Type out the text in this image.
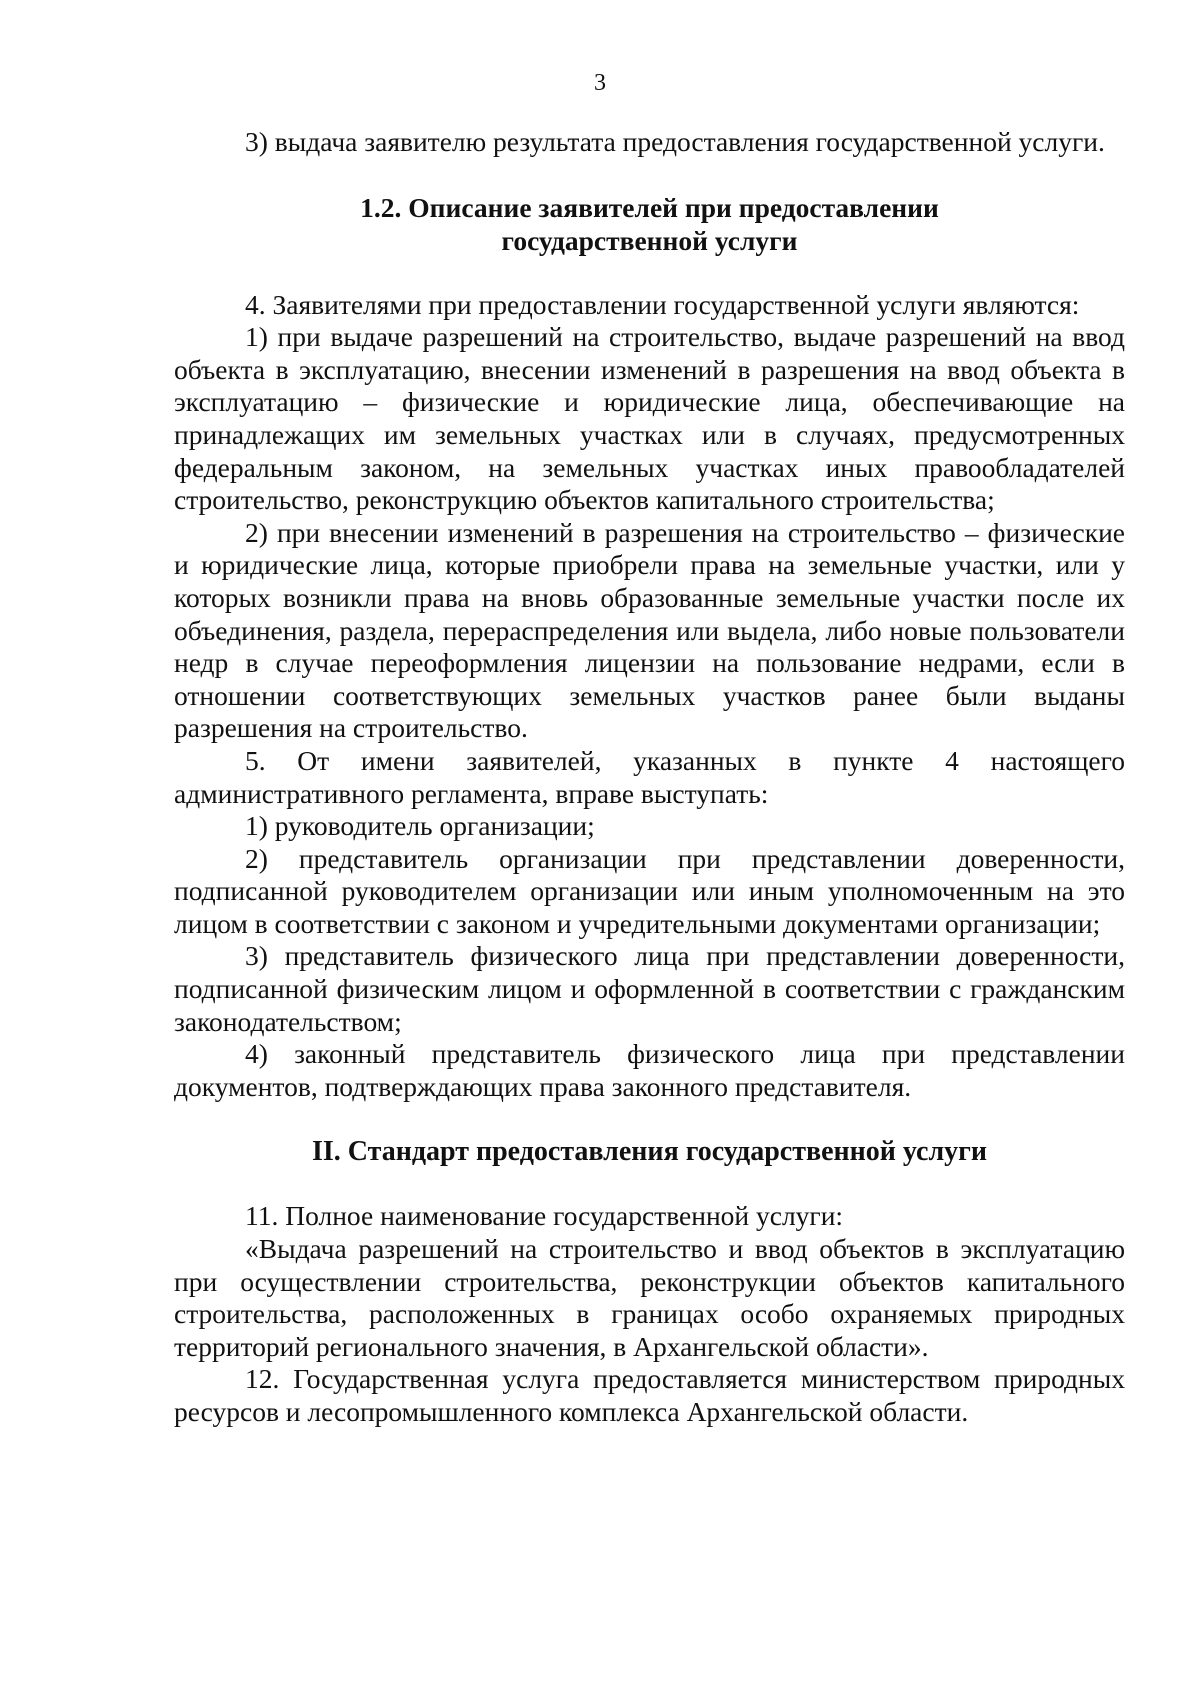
3

3) выдача заявителю результата предоставления государственной услуги.

1.2. Описание заявителей при предоставлении
государственной услуги

4. Заявителями при предоставлении государственной услуги являются:

1) при выдаче разрешений на строительство, выдаче разрешений на ввод объекта в эксплуатацию, внесении изменений в разрешения на ввод объекта в эксплуатацию – физические и юридические лица, обеспечивающие на принадлежащих им земельных участках или в случаях, предусмотренных федеральным законом, на земельных участках иных правообладателей строительство, реконструкцию объектов капитального строительства;

2) при внесении изменений в разрешения на строительство – физические и юридические лица, которые приобрели права на земельные участки, или у которых возникли права на вновь образованные земельные участки после их объединения, раздела, перераспределения или выдела, либо новые пользователи недр в случае переоформления лицензии на пользование недрами, если в отношении соответствующих земельных участков ранее были выданы разрешения на строительство.

5. От имени заявителей, указанных в пункте 4 настоящего административного регламента, вправе выступать:

1) руководитель организации;

2) представитель организации при представлении доверенности, подписанной руководителем организации или иным уполномоченным на это лицом в соответствии с законом и учредительными документами организации;

3) представитель физического лица при представлении доверенности, подписанной физическим лицом и оформленной в соответствии с гражданским законодательством;

4) законный представитель физического лица при представлении документов, подтверждающих права законного представителя.

II. Стандарт предоставления государственной услуги

11. Полное наименование государственной услуги:

«Выдача разрешений на строительство и ввод объектов в эксплуатацию при осуществлении строительства, реконструкции объектов капитального строительства, расположенных в границах особо охраняемых природных территорий регионального значения, в Архангельской области».

12. Государственная услуга предоставляется министерством природных ресурсов и лесопромышленного комплекса Архангельской области.
